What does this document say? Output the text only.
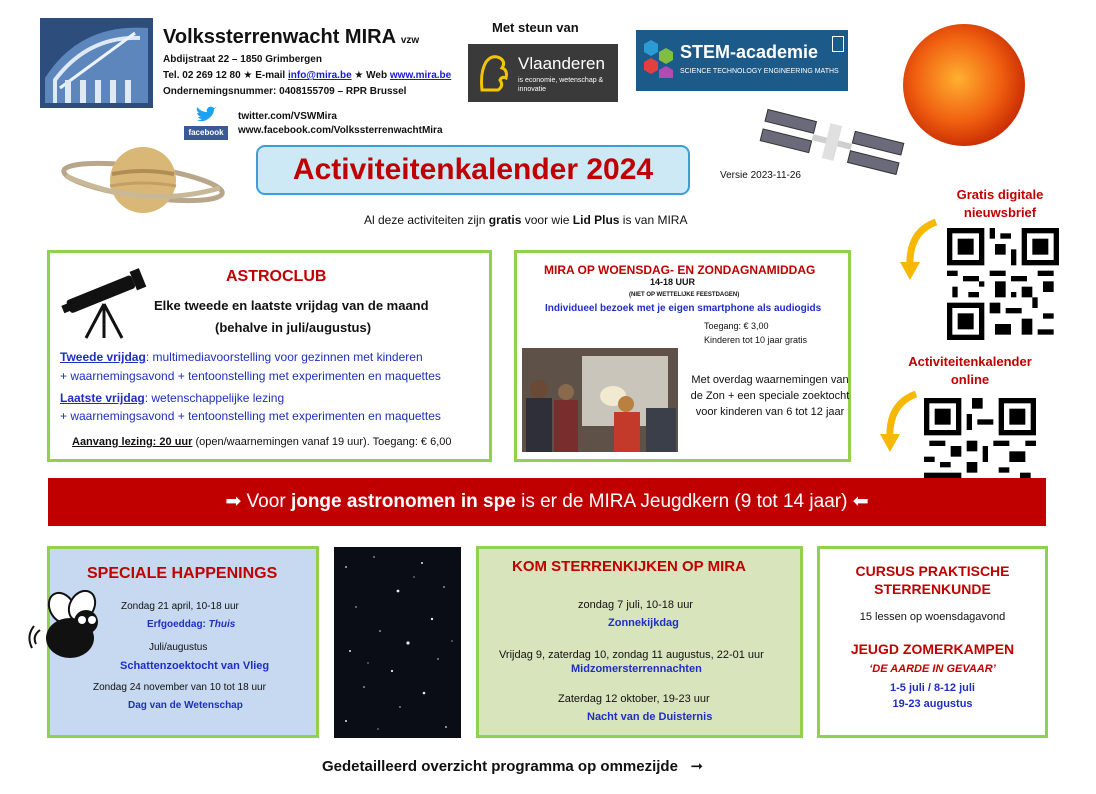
Volkssterrenwacht MIRA vzw
Abdijstraat 22 – 1850 Grimbergen
Tel. 02 269 12 80 ★ E-mail info@mira.be ★ Web www.mira.be
Ondernemingsnummer: 0408155709 – RPR Brussel
facebook
twitter.com/VSWMira
www.facebook.com/VolkssterrenwachtMira
Met steun van
Vlaanderen
is economie, wetenschap & innovatie
STEM-academie
SCIENCE TECHNOLOGY ENGINEERING MATHS
Activiteitenkalender 2024	Versie 2023-11-26
Al deze activiteiten zijn gratis voor wie Lid Plus is van MIRA
ASTROCLUB
Elke tweede en laatste vrijdag van de maand
(behalve in juli/augustus)
Tweede vrijdag: multimediavoorstelling voor gezinnen met kinderen
+ waarnemingsavond + tentoonstelling met experimenten en maquettes
Laatste vrijdag: wetenschappelijke lezing
+ waarnemingsavond + tentoonstelling met experimenten en maquettes
Aanvang lezing: 20 uur (open/waarnemingen vanaf 19 uur). Toegang: € 6,00
MIRA OP WOENSDAG- EN ZONDAGNAMIDDAG
14-18 UUR
(NIET OP WETTELIJKE FEESTDAGEN)
Individueel bezoek met je eigen smartphone als audiogids
Toegang: € 3,00
Kinderen tot 10 jaar gratis
Met overdag waarnemingen van de Zon + een speciale zoektocht voor kinderen van 6 tot 12 jaar
Gratis digitale nieuwsbrief
Activiteitenkalender online
➡ Voor jonge astronomen in spe is er de MIRA Jeugdkern (9 tot 14 jaar) ⬅
SPECIALE HAPPENINGS
Zondag 21 april, 10-18 uur
Erfgoeddag: Thuis
Juli/augustus
Schattenzoektocht van Vlieg
Zondag 24 november van 10 tot 18 uur
Dag van de Wetenschap
KOM STERRENKIJKEN OP MIRA
zondag 7 juli, 10-18 uur
Zonnekijkdag
Vrijdag 9, zaterdag 10, zondag 11 augustus, 22-01 uur
Midzomersterrennachten
Zaterdag 12 oktober, 19-23 uur
Nacht van de Duisternis
CURSUS PRAKTISCHE
STERRENKUNDE
15 lessen op woensdagavond
JEUGD ZOMERKAMPEN
‘DE AARDE IN GEVAAR’
1-5 juli / 8-12 juli
19-23 augustus
Gedetailleerd overzicht programma op ommezijde ➞
